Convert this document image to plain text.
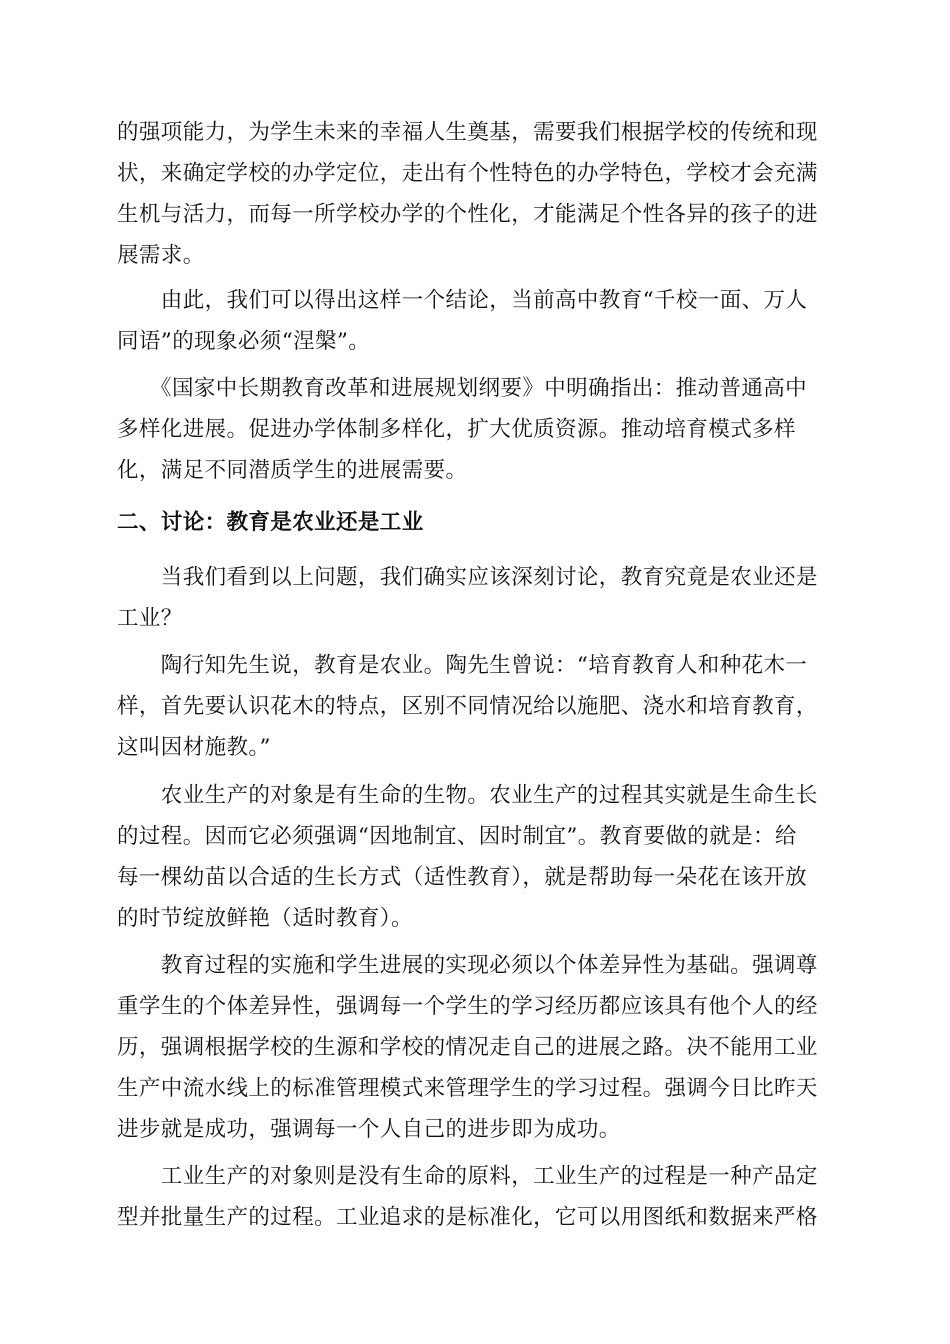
的强项能力，为学生未来的幸福人生奠基，需要我们根据学校的传统和现
状，来确定学校的办学定位，走出有个性特色的办学特色，学校才会充满
生机与活力，而每一所学校办学的个性化，才能满足个性各异的孩子的进
展需求。

　　由此，我们可以得出这样一个结论，当前高中教育“千校一面、万人
同语”的现象必须“涅槃”。

　　《国家中长期教育改革和进展规划纲要》中明确指出：推动普通高中
多样化进展。促进办学体制多样化，扩大优质资源。推动培育模式多样
化，满足不同潜质学生的进展需要。

二、讨论：教育是农业还是工业

　　当我们看到以上问题，我们确实应该深刻讨论，教育究竟是农业还是
工业？

　　陶行知先生说，教育是农业。陶先生曾说：“培育教育人和种花木一
样，首先要认识花木的特点，区别不同情况给以施肥、浇水和培育教育，
这叫因材施教。”

　　农业生产的对象是有生命的生物。农业生产的过程其实就是生命生长
的过程。因而它必须强调“因地制宜、因时制宜”。教育要做的就是：给
每一棵幼苗以合适的生长方式（适性教育），就是帮助每一朵花在该开放
的时节绽放鲜艳（适时教育）。

　　教育过程的实施和学生进展的实现必须以个体差异性为基础。强调尊
重学生的个体差异性，强调每一个学生的学习经历都应该具有他个人的经
历，强调根据学校的生源和学校的情况走自己的进展之路。决不能用工业
生产中流水线上的标准管理模式来管理学生的学习过程。强调今日比昨天
进步就是成功，强调每一个人自己的进步即为成功。

　　工业生产的对象则是没有生命的原料，工业生产的过程是一种产品定
型并批量生产的过程。工业追求的是标准化，它可以用图纸和数据来严格
